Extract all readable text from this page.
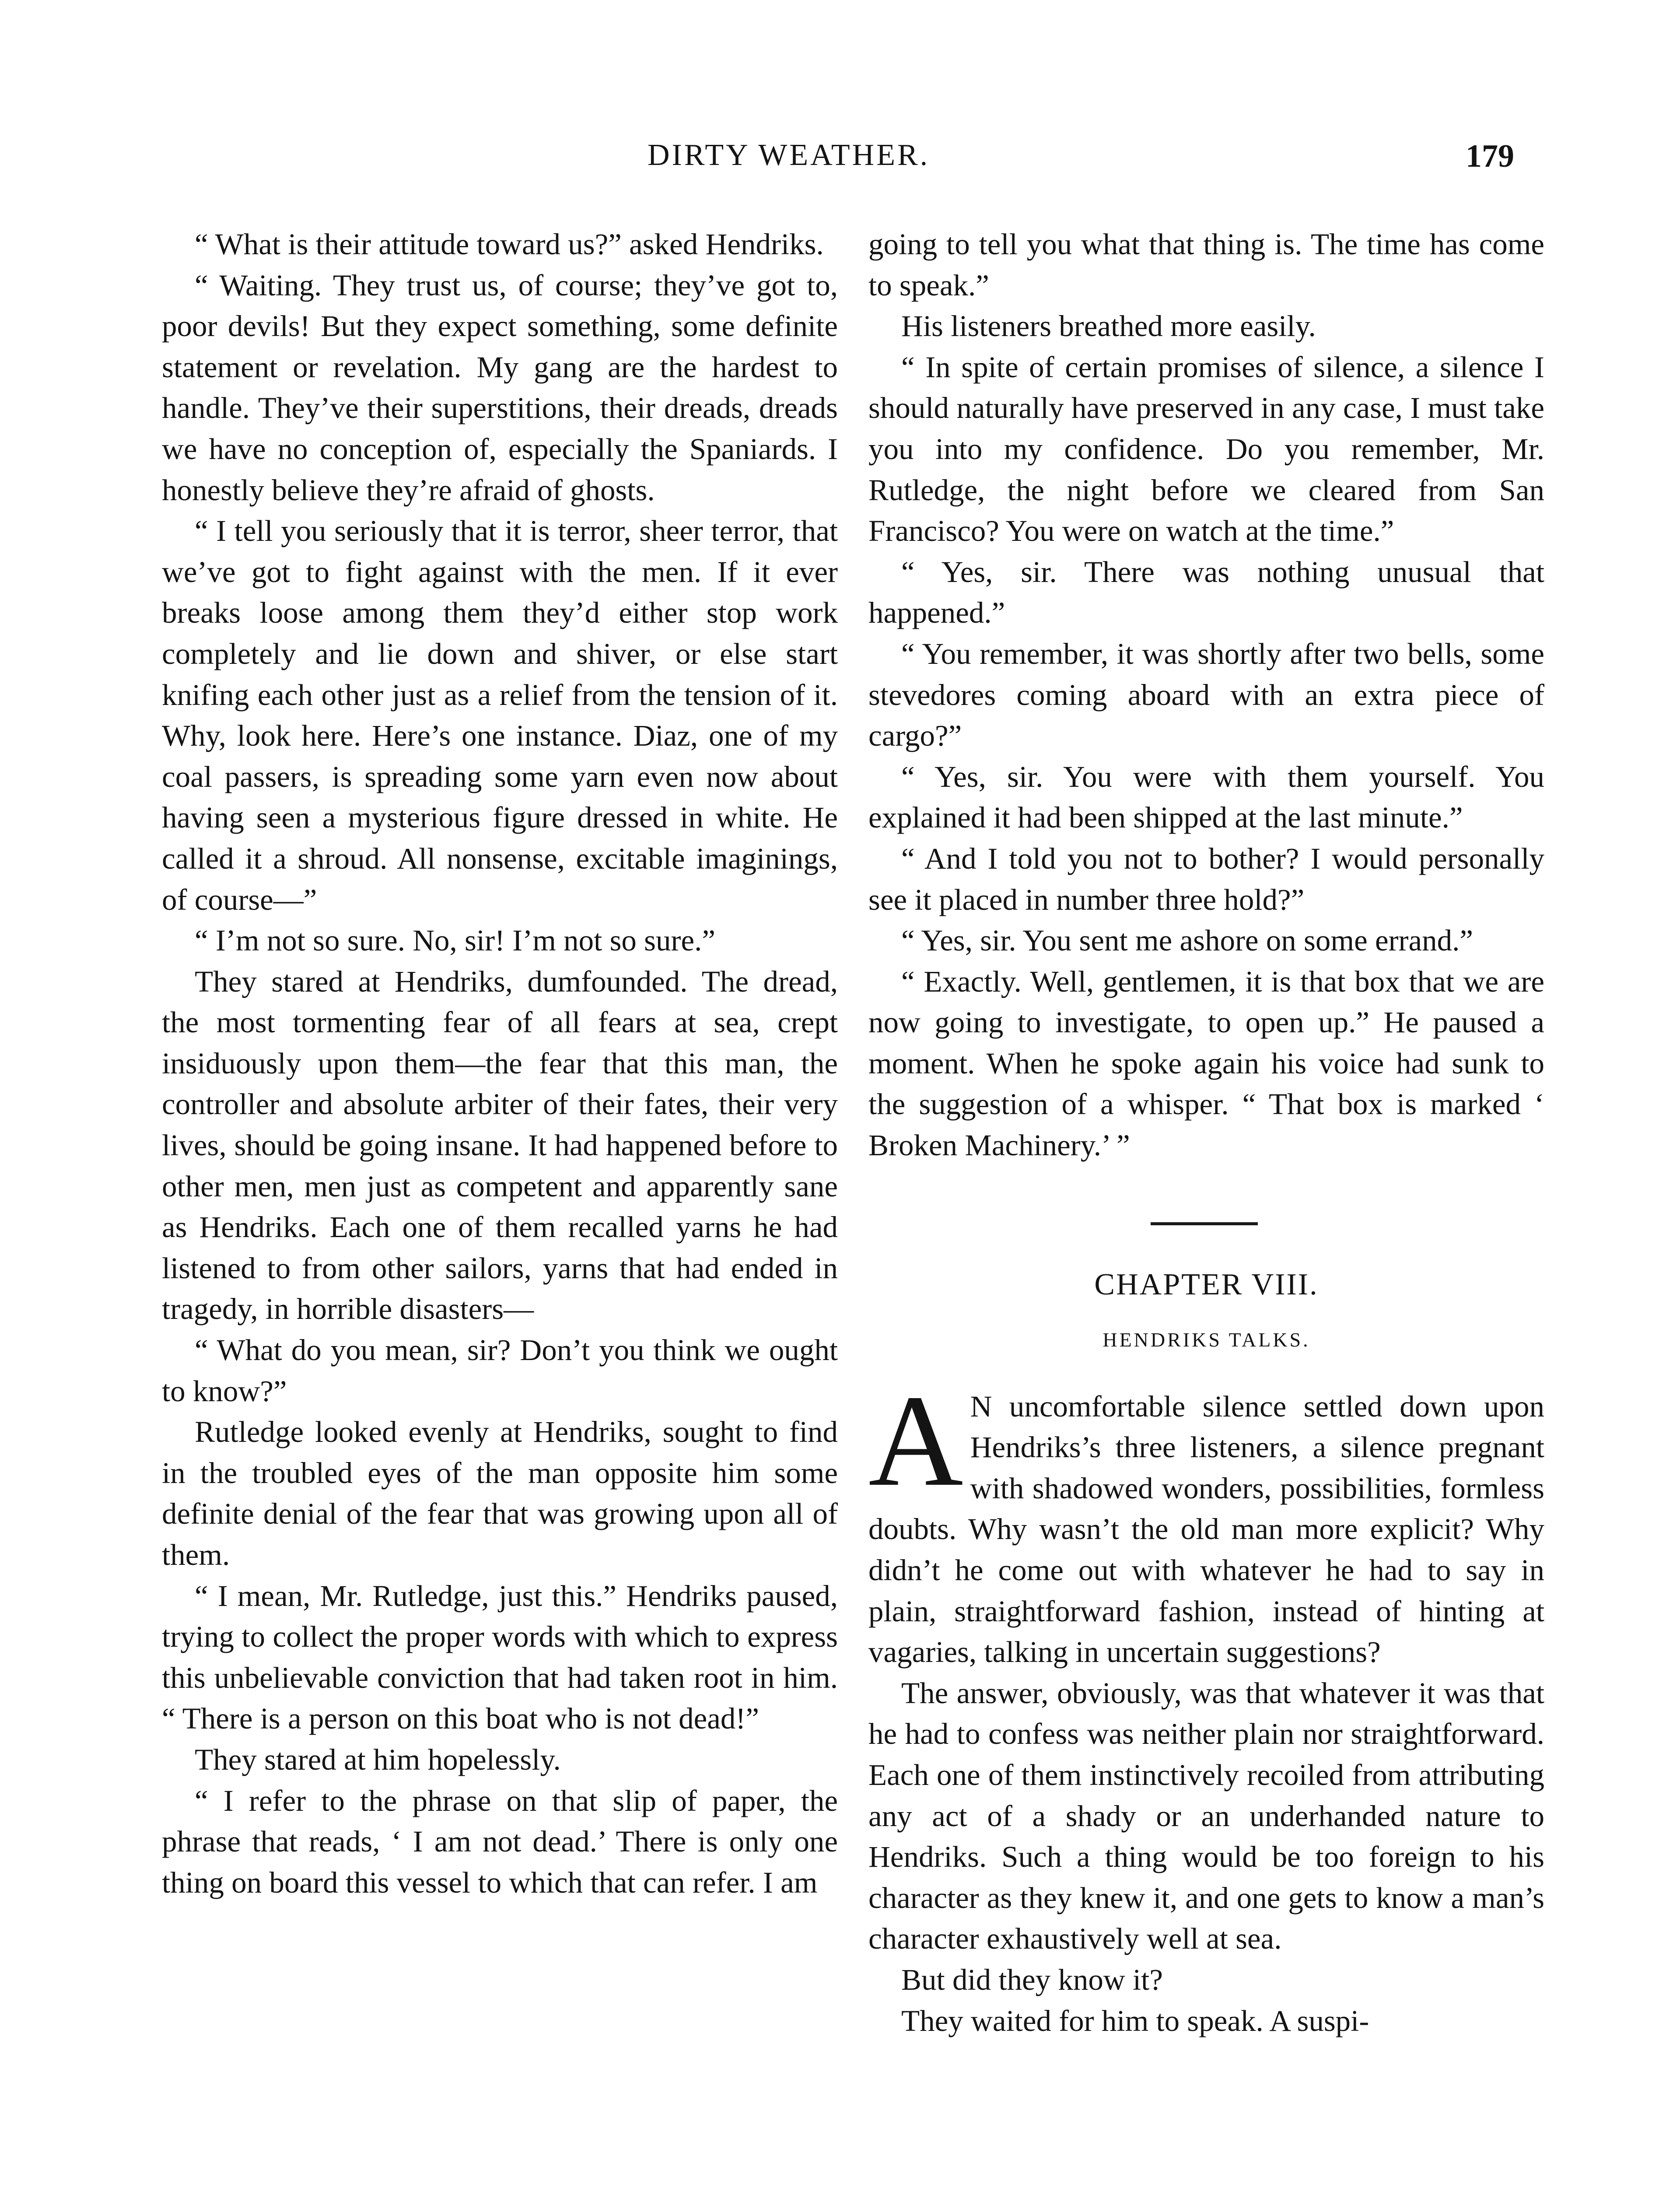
DIRTY WEATHER.	179

“ What is their attitude toward us?” asked Hendriks.

“ Waiting. They trust us, of course; they’ve got to, poor devils! But they expect something, some definite statement or revelation. My gang are the hardest to handle. They’ve their superstitions, their dreads, dreads we have no conception of, especially the Spaniards. I honestly believe they’re afraid of ghosts.

“ I tell you seriously that it is terror, sheer terror, that we’ve got to fight against with the men. If it ever breaks loose among them they’d either stop work completely and lie down and shiver, or else start knifing each other just as a relief from the tension of it. Why, look here. Here’s one instance. Diaz, one of my coal passers, is spreading some yarn even now about having seen a mysterious figure dressed in white. He called it a shroud. All nonsense, excitable imaginings, of course—”

“ I’m not so sure. No, sir! I’m not so sure.”

They stared at Hendriks, dumfounded. The dread, the most tormenting fear of all fears at sea, crept insiduously upon them—the fear that this man, the controller and absolute arbiter of their fates, their very lives, should be going insane. It had happened before to other men, men just as competent and apparently sane as Hendriks. Each one of them recalled yarns he had listened to from other sailors, yarns that had ended in tragedy, in horrible disasters—

“ What do you mean, sir? Don’t you think we ought to know?”

Rutledge looked evenly at Hendriks, sought to find in the troubled eyes of the man opposite him some definite denial of the fear that was growing upon all of them.

“ I mean, Mr. Rutledge, just this.” Hendriks paused, trying to collect the proper words with which to express this unbelievable conviction that had taken root in him. “ There is a person on this boat who is not dead!”

They stared at him hopelessly.

“ I refer to the phrase on that slip of paper, the phrase that reads, ‘ I am not dead.’ There is only one thing on board this vessel to which that can refer. I am

going to tell you what that thing is. The time has come to speak.”

His listeners breathed more easily.

“ In spite of certain promises of silence, a silence I should naturally have preserved in any case, I must take you into my confidence. Do you remember, Mr. Rutledge, the night before we cleared from San Francisco? You were on watch at the time.”

“ Yes, sir. There was nothing unusual that happened.”

“ You remember, it was shortly after two bells, some stevedores coming aboard with an extra piece of cargo?”

“ Yes, sir. You were with them yourself. You explained it had been shipped at the last minute.”

“ And I told you not to bother? I would personally see it placed in number three hold?”

“ Yes, sir. You sent me ashore on some errand.”

“ Exactly. Well, gentlemen, it is that box that we are now going to investigate, to open up.” He paused a moment. When he spoke again his voice had sunk to the suggestion of a whisper. “ That box is marked ‘ Broken Machinery.’ ”

CHAPTER VIII.
HENDRIKS TALKS.

A N uncomfortable silence settled down upon Hendriks’s three listeners, a silence pregnant with shadowed wonders, possibilities, formless doubts. Why wasn’t the old man more explicit? Why didn’t he come out with whatever he had to say in plain, straightforward fashion, instead of hinting at vagaries, talking in uncertain suggestions?

The answer, obviously, was that whatever it was that he had to confess was neither plain nor straightforward. Each one of them instinctively recoiled from attributing any act of a shady or an underhanded nature to Hendriks. Such a thing would be too foreign to his character as they knew it, and one gets to know a man’s character exhaustively well at sea.

But did they know it?

They waited for him to speak. A suspi-
